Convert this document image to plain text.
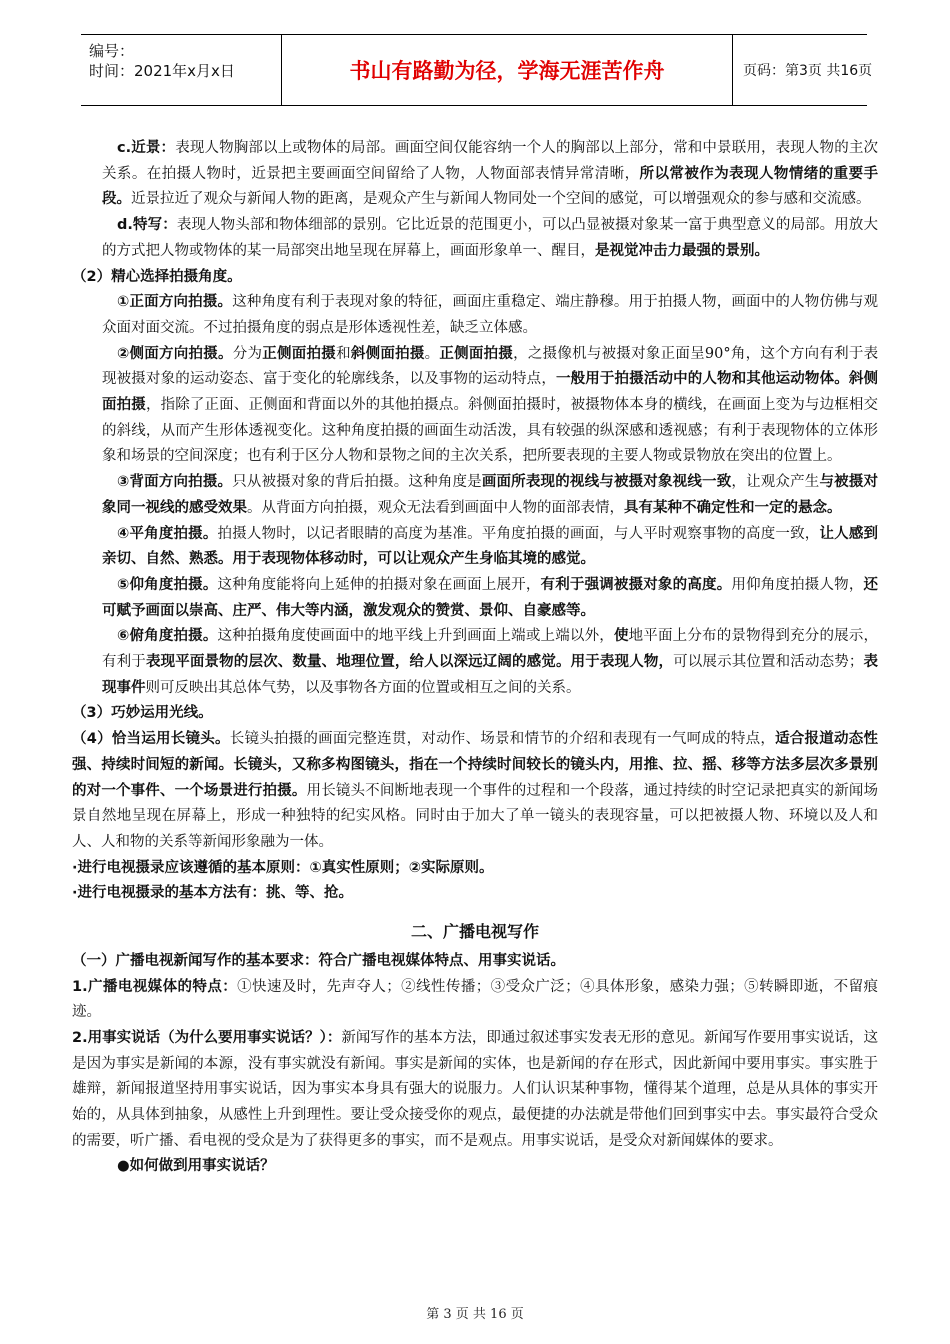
编号：
时间：2021年x月x日	书山有路勤为径，学海无涯苦作舟	页码：第3页 共16页

c.近景：表现人物胸部以上或物体的局部。画面空间仅能容纳一个人的胸部以上部分，常和中景联用，表现人物的主次关系。在拍摄人物时，近景把主要画面空间留给了人物，人物面部表情异常清晰，所以常被作为表现人物情绪的重要手段。近景拉近了观众与新闻人物的距离，是观众产生与新闻人物同处一个空间的感觉，可以增强观众的参与感和交流感。

d.特写：表现人物头部和物体细部的景别。它比近景的范围更小，可以凸显被摄对象某一富于典型意义的局部。用放大的方式把人物或物体的某一局部突出地呈现在屏幕上，画面形象单一、醒目，是视觉冲击力最强的景别。

（2）精心选择拍摄角度。

①正面方向拍摄。这种角度有利于表现对象的特征，画面庄重稳定、端庄静穆。用于拍摄人物，画面中的人物仿佛与观众面对面交流。不过拍摄角度的弱点是形体透视性差，缺乏立体感。

②侧面方向拍摄。分为正侧面拍摄和斜侧面拍摄。正侧面拍摄，之摄像机与被摄对象正面呈90°角，这个方向有利于表现被摄对象的运动姿态、富于变化的轮廓线条，以及事物的运动特点，一般用于拍摄活动中的人物和其他运动物体。斜侧面拍摄，指除了正面、正侧面和背面以外的其他拍摄点。斜侧面拍摄时，被摄物体本身的横线，在画面上变为与边框相交的斜线，从而产生形体透视变化。这种角度拍摄的画面生动活泼，具有较强的纵深感和透视感；有利于表现物体的立体形象和场景的空间深度；也有利于区分人物和景物之间的主次关系，把所要表现的主要人物或景物放在突出的位置上。

③背面方向拍摄。只从被摄对象的背后拍摄。这种角度是画面所表现的视线与被摄对象视线一致，让观众产生与被摄对象同一视线的感受效果。从背面方向拍摄，观众无法看到画面中人物的面部表情，具有某种不确定性和一定的悬念。

④平角度拍摄。拍摄人物时，以记者眼睛的高度为基准。平角度拍摄的画面，与人平时观察事物的高度一致，让人感到亲切、自然、熟悉。用于表现物体移动时，可以让观众产生身临其境的感觉。

⑤仰角度拍摄。这种角度能将向上延伸的拍摄对象在画面上展开，有利于强调被摄对象的高度。用仰角度拍摄人物，还可赋予画面以崇高、庄严、伟大等内涵，激发观众的赞赏、景仰、自豪感等。

⑥俯角度拍摄。这种拍摄角度使画面中的地平线上升到画面上端或上端以外，使地平面上分布的景物得到充分的展示，有利于表现平面景物的层次、数量、地理位置，给人以深远辽阔的感觉。用于表现人物，可以展示其位置和活动态势；表现事件则可反映出其总体气势，以及事物各方面的位置或相互之间的关系。

（3）巧妙运用光线。

（4）恰当运用长镜头。长镜头拍摄的画面完整连贯，对动作、场景和情节的介绍和表现有一气呵成的特点，适合报道动态性强、持续时间短的新闻。长镜头，又称多构图镜头，指在一个持续时间较长的镜头内，用推、拉、摇、移等方法多层次多景别的对一个事件、一个场景进行拍摄。用长镜头不间断地表现一个事件的过程和一个段落，通过持续的时空记录把真实的新闻场景自然地呈现在屏幕上，形成一种独特的纪实风格。同时由于加大了单一镜头的表现容量，可以把被摄人物、环境以及人和人、人和物的关系等新闻形象融为一体。

·进行电视摄录应该遵循的基本原则：①真实性原则；②实际原则。

·进行电视摄录的基本方法有：挑、等、抢。

二、广播电视写作

（一）广播电视新闻写作的基本要求：符合广播电视媒体特点、用事实说话。

1.广播电视媒体的特点：①快速及时，先声夺人；②线性传播；③受众广泛；④具体形象，感染力强；⑤转瞬即逝，不留痕迹。

2.用事实说话（为什么要用事实说话？）：新闻写作的基本方法，即通过叙述事实发表无形的意见。新闻写作要用事实说话，这是因为事实是新闻的本源，没有事实就没有新闻。事实是新闻的实体，也是新闻的存在形式，因此新闻中要用事实。事实胜于雄辩，新闻报道坚持用事实说话，因为事实本身具有强大的说服力。人们认识某种事物，懂得某个道理，总是从具体的事实开始的，从具体到抽象，从感性上升到理性。要让受众接受你的观点，最便捷的办法就是带他们回到事实中去。事实最符合受众的需要，听广播、看电视的受众是为了获得更多的事实，而不是观点。用事实说话，是受众对新闻媒体的要求。

●如何做到用事实说话？

第 3 页 共 16 页
